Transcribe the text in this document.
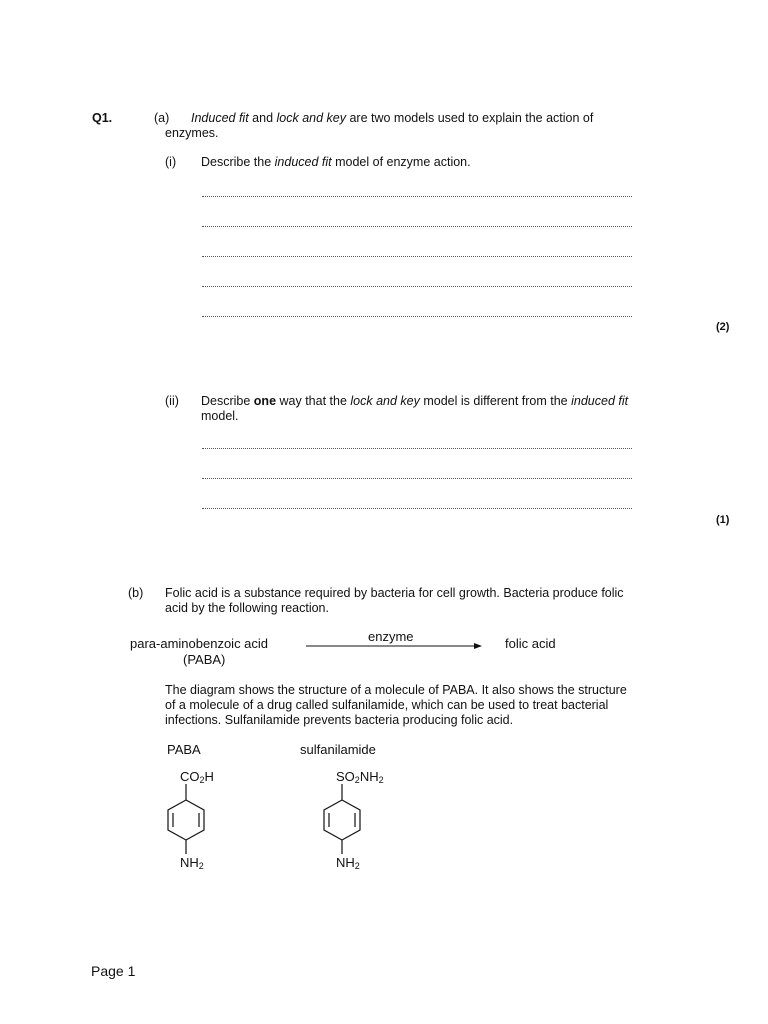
Q1.	(a) Induced fit and lock and key are two models used to explain the action of
enzymes.
(i) Describe the induced fit model of enzyme action.
(2)
(ii) Describe one way that the lock and key model is different from the induced fit
model.
(1)
(b) Folic acid is a substance required by bacteria for cell growth. Bacteria produce folic
acid by the following reaction.
para-aminobenzoic acid
(PABA)
enzyme	folic acid
The diagram shows the structure of a molecule of PABA. It also shows the structure
of a molecule of a drug called sulfanilamide, which can be used to treat bacterial
infections. Sulfanilamide prevents bacteria producing folic acid.
PABA
$CO_2H$
$NH_2$
sulfanilamide
$SO_2NH_2$
$NH_2$
Page 1
